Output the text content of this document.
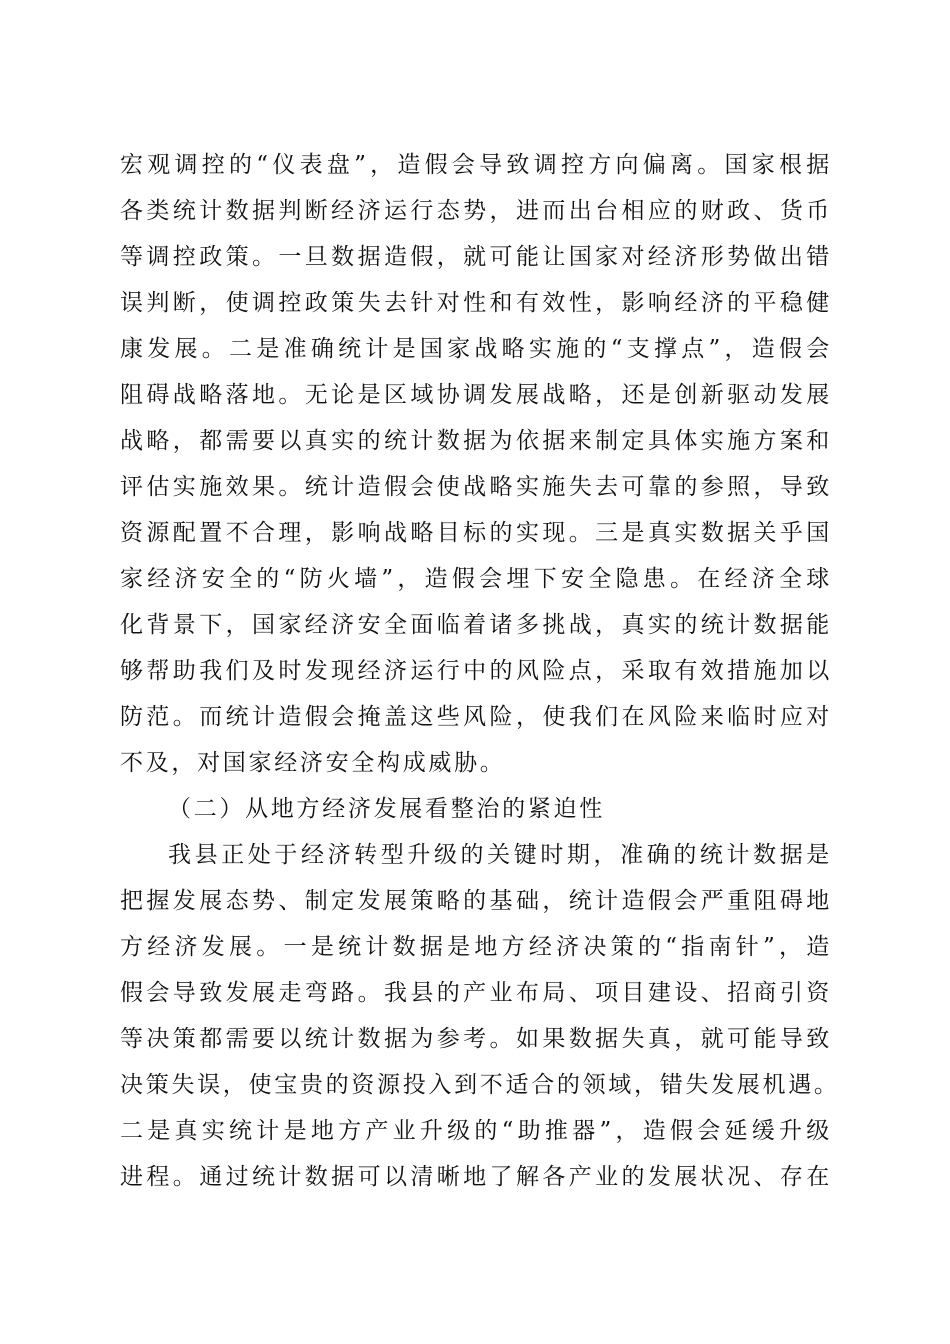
宏观调控的“仪表盘”，造假会导致调控方向偏离。国家根据
各类统计数据判断经济运行态势，进而出台相应的财政、货币
等调控政策。一旦数据造假，就可能让国家对经济形势做出错
误判断，使调控政策失去针对性和有效性，影响经济的平稳健
康发展。二是准确统计是国家战略实施的“支撑点”，造假会
阻碍战略落地。无论是区域协调发展战略，还是创新驱动发展
战略，都需要以真实的统计数据为依据来制定具体实施方案和
评估实施效果。统计造假会使战略实施失去可靠的参照，导致
资源配置不合理，影响战略目标的实现。三是真实数据关乎国
家经济安全的“防火墙”，造假会埋下安全隐患。在经济全球
化背景下，国家经济安全面临着诸多挑战，真实的统计数据能
够帮助我们及时发现经济运行中的风险点，采取有效措施加以
防范。而统计造假会掩盖这些风险，使我们在风险来临时应对
不及，对国家经济安全构成威胁。
（二）从地方经济发展看整治的紧迫性
我县正处于经济转型升级的关键时期，准确的统计数据是
把握发展态势、制定发展策略的基础，统计造假会严重阻碍地
方经济发展。一是统计数据是地方经济决策的“指南针”，造
假会导致发展走弯路。我县的产业布局、项目建设、招商引资
等决策都需要以统计数据为参考。如果数据失真，就可能导致
决策失误，使宝贵的资源投入到不适合的领域，错失发展机遇。
二是真实统计是地方产业升级的“助推器”，造假会延缓升级
进程。通过统计数据可以清晰地了解各产业的发展状况、存在
